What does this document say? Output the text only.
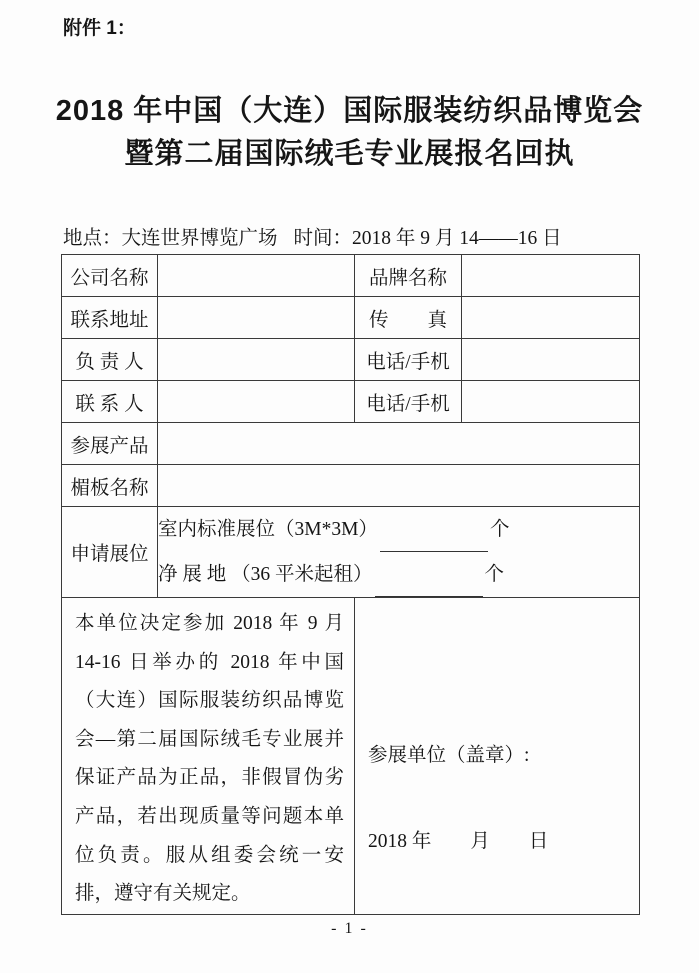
附件 1：
2018 年中国（大连）国际服装纺织品博览会
暨第二届国际绒毛专业展报名回执
地点：大连世界博览广场 时间：2018 年 9 月 14——16 日
公司名称		品牌名称	
联系地址		传　　真	
负 责 人		电话/手机	
联 系 人		电话/手机	
参展产品			
楣板名称			
申请展位	室内标准展位（3M*3M） 个
净 展 地 （36 平米起租） 个		

本单位决定参加 2018 年 9 月 14-16 日举办的 2018 年中国（大连）国际服装纺织品博览会—第二届国际绒毛专业展并保证产品为正品，非假冒伪劣产品，若出现质量等问题本单位负责。服从组委会统一安排，遵守有关规定。		参展单位（盖章）:
2018 年　　月　　日	
- 1 -
